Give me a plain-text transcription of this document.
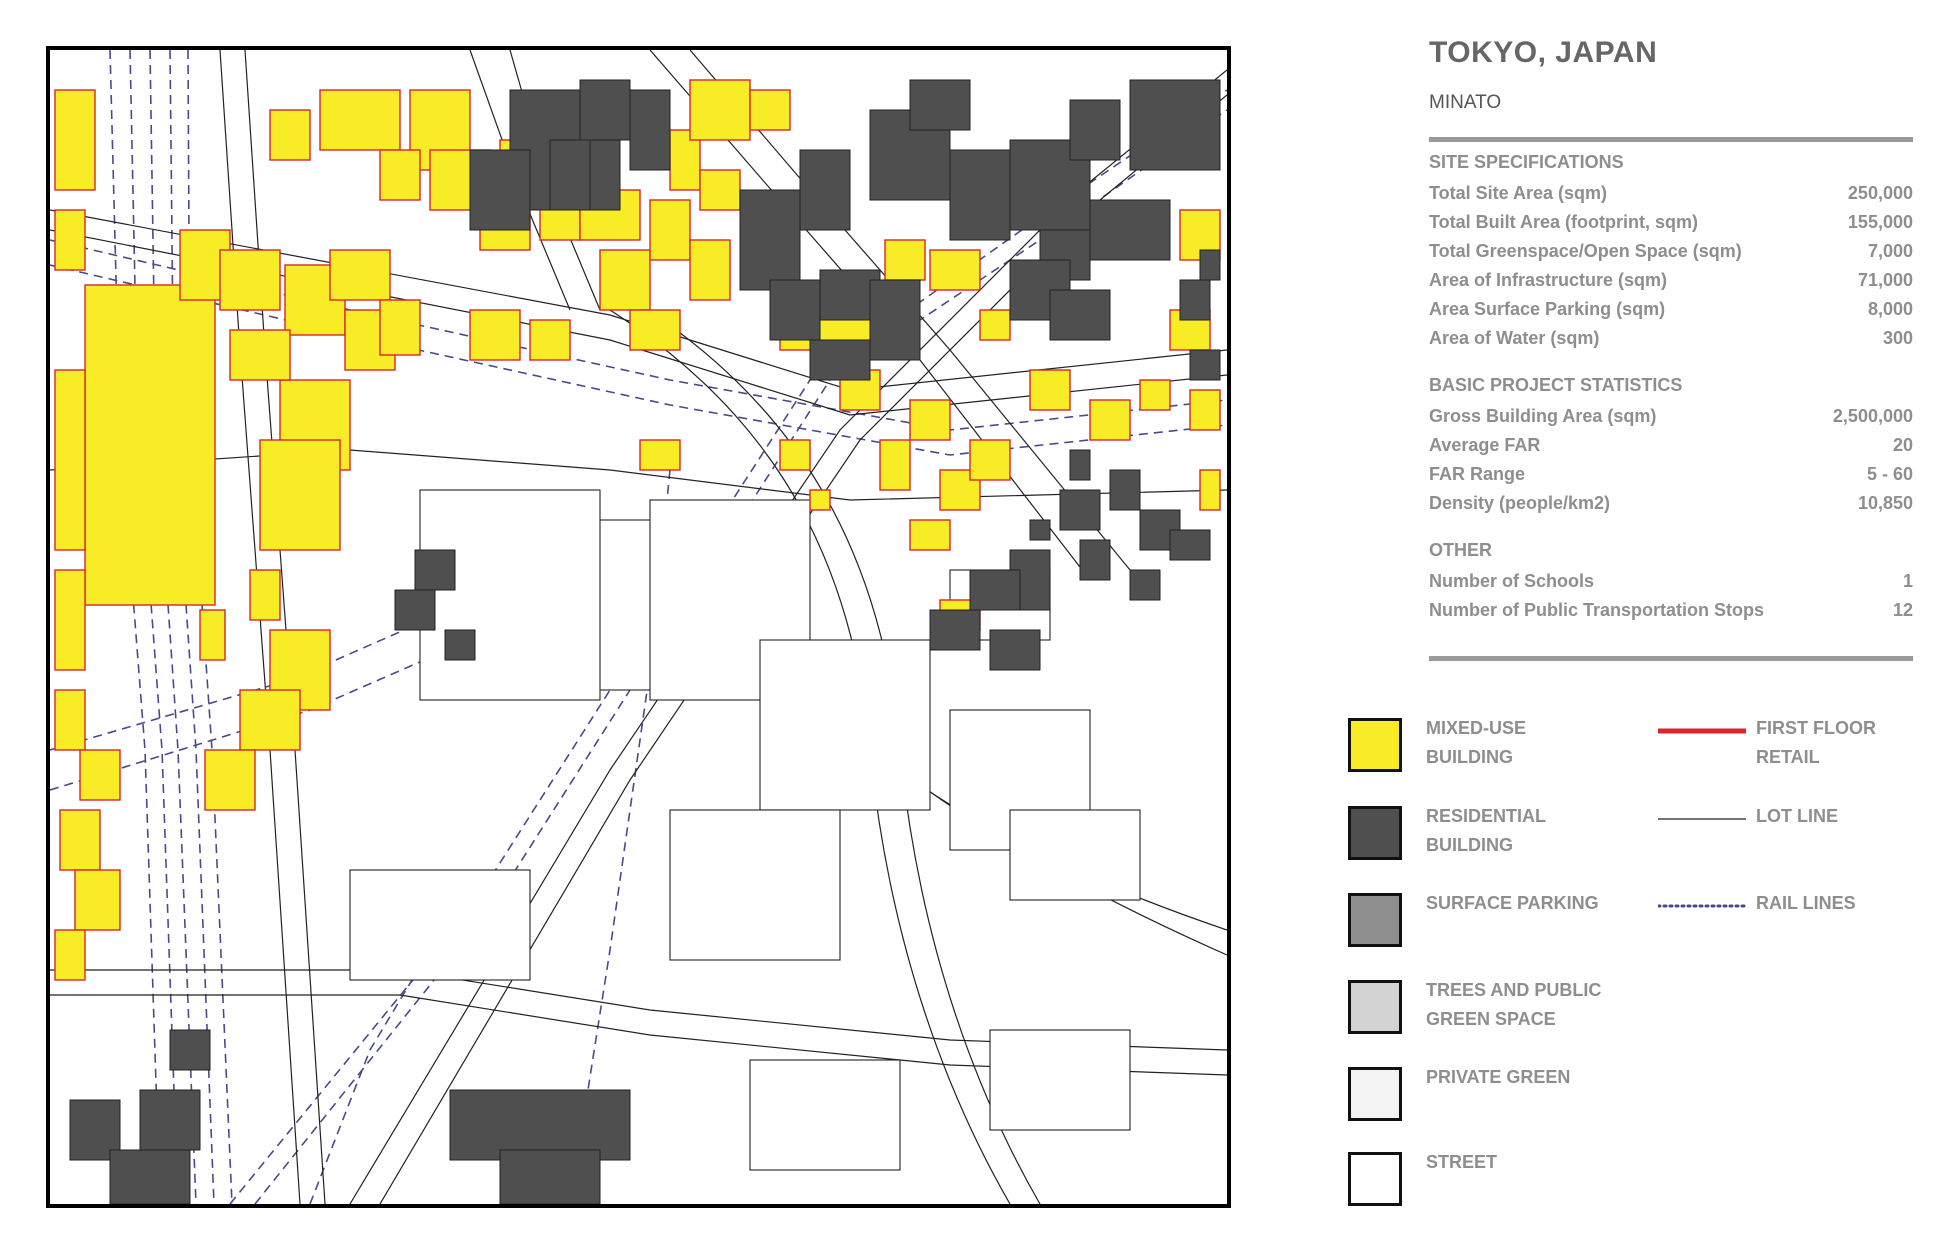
TOKYO, JAPAN
MINATO
SITE SPECIFICATIONS
Total Site Area (sqm)	250,000
Total Built Area (footprint, sqm)	155,000
Total Greenspace/Open Space (sqm)	7,000
Area of Infrastructure (sqm)	71,000
Area Surface Parking (sqm)	8,000
Area of Water (sqm)	300
BASIC PROJECT STATISTICS
Gross Building Area (sqm)	2,500,000
Average FAR	20
FAR Range	5 - 60
Density (people/km2)	10,850
OTHER
Number of Schools	1
Number of Public Transportation Stops	12
MIXED-USE
BUILDING
RESIDENTIAL
BUILDING
SURFACE PARKING
TREES AND PUBLIC
GREEN SPACE
PRIVATE GREEN
STREET
FIRST FLOOR
RETAIL
LOT LINE
RAIL LINES
